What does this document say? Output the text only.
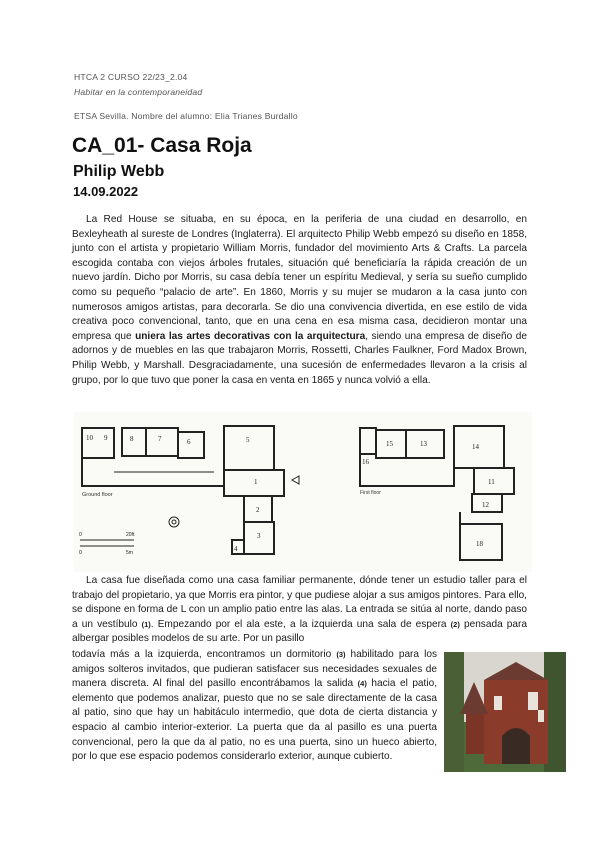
HTCA 2 CURSO 22/23_2.04
Habitar en la contemporaneidad
ETSA Sevilla. Nombre del alumno: Elia Trianes Burdallo
CA_01- Casa Roja
Philip Webb
14.09.2022
La Red House se situaba, en su época, en la periferia de una ciudad en desarrollo, en Bexleyheath al sureste de Londres (Inglaterra). El arquitecto Philip Webb empezó su diseño en 1858, junto con el artista y propietario William Morris, fundador del movimiento Arts & Crafts. La parcela escogida contaba con viejos árboles frutales, situación qué beneficiaría la rápida creación de un nuevo jardín. Dicho por Morris, su casa debía tener un espíritu Medieval, y sería su sueño cumplido como su pequeño “palacio de arte”. En 1860, Morris y su mujer se mudaron a la casa junto con numerosos amigos artistas, para decorarla. Se dio una convivencia divertida, en ese estilo de vida creativa poco convencional, tanto, que en una cena en esa misma casa, decidieron montar una empresa que uniera las artes decorativas con la arquitectura, siendo una empresa de diseño de adornos y de muebles en las que trabajaron Morris, Rossetti, Charles Faulkner, Ford Madox Brown, Philip Webb, y Marshall. Desgraciadamente, una sucesión de enfermedades llevaron a la crisis al grupo, por lo que tuvo que poner la casa en venta en 1865 y nunca volvió a ella.
10 9	8	7	6	5
1
2
3
4
Ground floor
0	20ft
0	5m
15	13	14
16
11
12
18
First floor
La casa fue diseñada como una casa familiar permanente, dónde tener un estudio taller para el trabajo del propietario, ya que Morris era pintor, y que pudiese alojar a sus amigos pintores. Para ello, se dispone en forma de L con un amplio patio entre las alas. La entrada se sitúa al norte, dando paso a un vestíbulo (1). Empezando por el ala este, a la izquierda una sala de espera (2) pensada para albergar posibles modelos de su arte. Por un pasillo
todavía más a la izquierda, encontramos un dormitorio (3) habilitado para los amigos solteros invitados, que pudieran satisfacer sus necesidades sexuales de manera discreta. Al final del pasillo encontrábamos la salida (4) hacia el patio, elemento que podemos analizar, puesto que no se sale directamente de la casa al patio, sino que hay un habitáculo intermedio, que dota de cierta distancia y espacio al cambio interior-exterior. La puerta que da al pasillo es una puerta convencional, pero la que da al patio, no es una puerta, sino un hueco abierto, por lo que ese espacio podemos considerarlo exterior, aunque cubierto.
